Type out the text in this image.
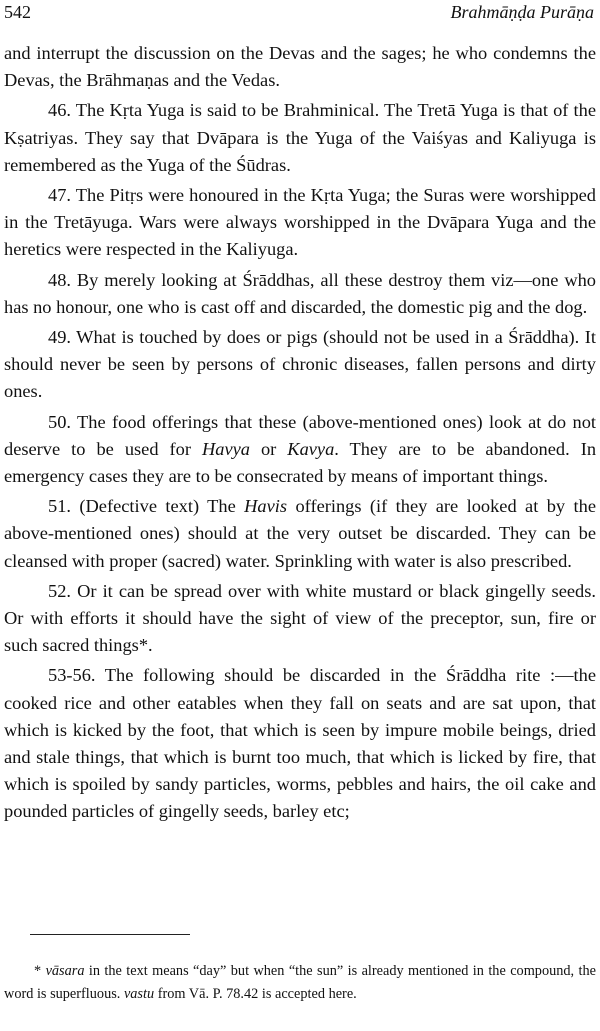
542	Brahmāṇḍa Purāṇa

and interrupt the discussion on the Devas and the sages; he who condemns the Devas, the Brāhmaṇas and the Vedas.

46. The Kṛta Yuga is said to be Brahminical. The Tretā Yuga is that of the Kṣatriyas. They say that Dvāpara is the Yuga of the Vaiśyas and Kaliyuga is remembered as the Yuga of the Śūdras.

47. The Pitṛs were honoured in the Kṛta Yuga; the Suras were worshipped in the Tretāyuga. Wars were always worshipped in the Dvāpara Yuga and the heretics were respected in the Kaliyuga.

48. By merely looking at Śrāddhas, all these destroy them viz—one who has no honour, one who is cast off and discarded, the domestic pig and the dog.

49. What is touched by does or pigs (should not be used in a Śrāddha). It should never be seen by persons of chronic diseases, fallen persons and dirty ones.

50. The food offerings that these (above-mentioned ones) look at do not deserve to be used for Havya or Kavya. They are to be abandoned. In emergency cases they are to be consecrated by means of important things.

51. (Defective text) The Havis offerings (if they are looked at by the above-mentioned ones) should at the very outset be discarded. They can be cleansed with proper (sacred) water. Sprinkling with water is also prescribed.

52. Or it can be spread over with white mustard or black gingelly seeds. Or with efforts it should have the sight of view of the preceptor, sun, fire or such sacred things*.

53-56. The following should be discarded in the Śrāddha rite :—the cooked rice and other eatables when they fall on seats and are sat upon, that which is kicked by the foot, that which is seen by impure mobile beings, dried and stale things, that which is burnt too much, that which is licked by fire, that which is spoiled by sandy particles, worms, pebbles and hairs, the oil cake and pounded particles of gingelly seeds, barley etc;

* vāsara in the text means “day” but when “the sun” is already mentioned in the compound, the word is superfluous. vastu from Vā. P. 78.42 is accepted here.
